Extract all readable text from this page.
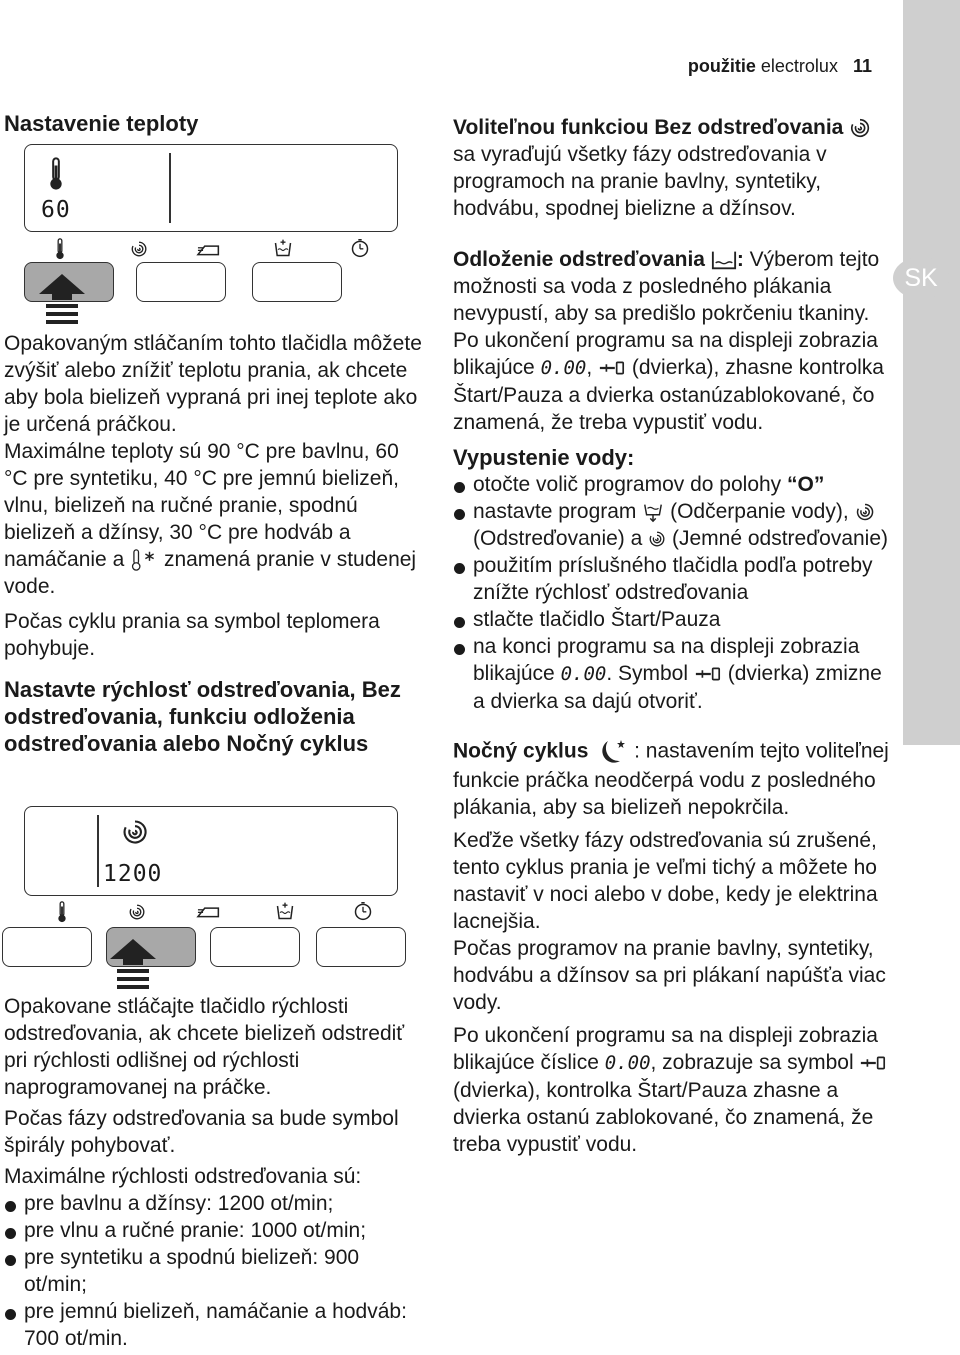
SK
použitie electrolux 11
Nastavenie teploty
60

Opakovaným stláčaním tohto tlačidla môžete zvýšiť alebo znížiť teplotu prania, ak chcete aby bola bielizeň vypraná pri inej teplote ako je určená práčkou.

Maximálne teploty sú 90 °C pre bavlnu, 60 °C pre syntetiku, 40 °C pre jemnú bielizeň, vlnu, bielizeň na ručné pranie, spodnú bielizeň a džínsy, 30 °C pre hodváb a namáčanie a znamená pranie v studenej vode.

Počas cyklu prania sa symbol teplomera pohybuje.

Nastavte rýchlosť odstreďovania, Bez odstreďovania, funkciu odloženia odstreďovania alebo Nočný cyklus
1200

Opakovane stláčajte tlačidlo rýchlosti odstreďovania, ak chcete bielizeň odstrediť pri rýchlosti odlišnej od rýchlosti naprogramovanej na práčke.

Počas fázy odstreďovania sa bude symbol špirály pohybovať.

Maximálne rýchlosti odstreďovania sú:

pre bavlnu a džínsy: 1200 ot/min;
pre vlnu a ručné pranie: 1000 ot/min;
pre syntetiku a spodnú bielizeň: 900 ot/min;
pre jemnú bielizeň, namáčanie a hodváb: 700 ot/min.

Voliteľnou funkciou Bez odstreďovania  sa vyraďujú všetky fázy odstreďovania v programoch na pranie bavlny, syntetiky, hodvábu, spodnej bielizne a džínsov.

Odloženie odstreďovania : Výberom tejto možnosti sa voda z posledného plákania nevypustí, aby sa predišlo pokrčeniu tkaniny. Po ukončení programu sa na displeji zobrazia blikajúce 0.00, (dvierka), zhasne kontrolka Štart/Pauza a dvierka ostanúzablokované, čo znamená, že treba vypustiť vodu.

Vypustenie vody:
otočte volič programov do polohy “O”
nastavte program (Odčerpanie vody),  (Odstreďovanie) a (Jemné odstreďovanie)
použitím príslušného tlačidla podľa potreby znížte rýchlosť odstreďovania
stlačte tlačidlo Štart/Pauza
na konci programu sa na displeji zobrazia blikajúce 0.00. Symbol (dvierka) zmizne a dvierka sa dajú otvoriť.

Nočný cyklus : nastavením tejto voliteľnej funkcie práčka neodčerpá vodu z posledného plákania, aby sa bielizeň nepokrčila.

Keďže všetky fázy odstreďovania sú zrušené, tento cyklus prania je veľmi tichý a môžete ho nastaviť v noci alebo v dobe, kedy je elektrina lacnejšia.

Počas programov na pranie bavlny, syntetiky, hodvábu a džínsov sa pri plákaní napúšťa viac vody.

Po ukončení programu sa na displeji zobrazia blikajúce číslice 0.00, zobrazuje sa symbol  (dvierka), kontrolka Štart/Pauza zhasne a dvierka ostanú zablokované, čo znamená, že treba vypustiť vodu.
